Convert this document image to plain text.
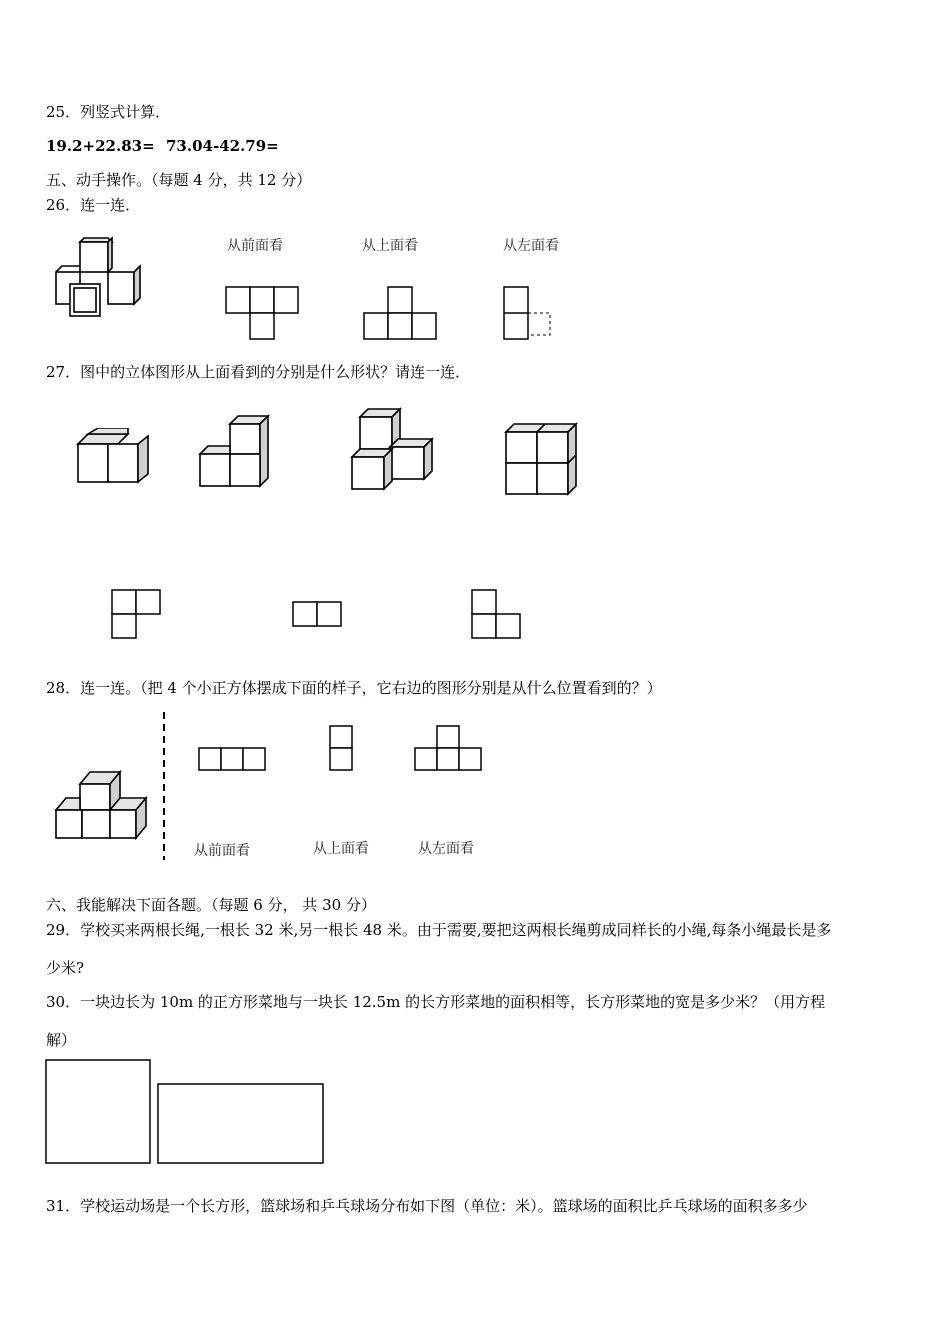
25．列竖式计算．
19.2+22.83= 73.04-42.79=
五、动手操作。（每题 4 分，共 12 分）
26．连一连．
从前面看	从上面看	从左面看
27．图中的立体图形从上面看到的分别是什么形状？请连一连．
28．连一连。（把 4 个小正方体摆成下面的样子，它右边的图形分别是从什么位置看到的？）
从前面看	从上面看	从左面看
六、我能解决下面各题。（每题 6 分， 共 30 分）
29．学校买来两根长绳,一根长 32 米,另一根长 48 米。由于需要,要把这两根长绳剪成同样长的小绳,每条小绳最长是多
少米?
30．一块边长为 10m 的正方形菜地与一块长 12.5m 的长方形菜地的面积相等，长方形菜地的宽是多少米？（用方程
解）
31．学校运动场是一个长方形，篮球场和乒乓球场分布如下图（单位：米）。篮球场的面积比乒乓球场的面积多多少
